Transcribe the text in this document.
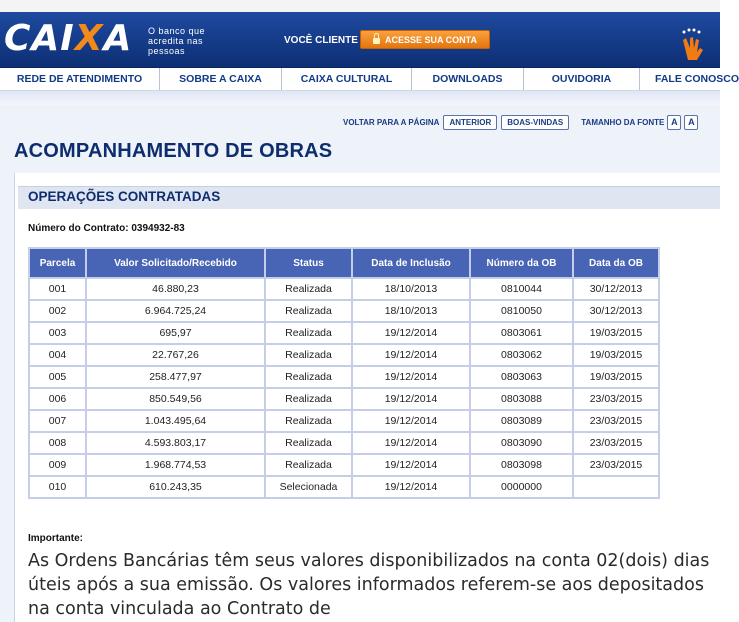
CAIXA O banco que acredita nas pessoas
VOCÊ CLIENTE	ACESSE SUA CONTA
REDE DE ATENDIMENTO	SOBRE A CAIXA	CAIXA CULTURAL	DOWNLOADS	OUVIDORIA	FALE CONOSCO
VOLTAR PARA A PÁGINA	ANTERIOR	BOAS-VINDAS	TAMANHO DA FONTE A	A
ACOMPANHAMENTO DE OBRAS
OPERAÇÕES CONTRATADAS
Número do Contrato: 0394932-83
Parcela	Valor Solicitado/Recebido	Status	Data de Inclusão	Número da OB	Data da OB
001	46.880,23	Realizada	18/10/2013	0810044	30/12/2013
002	6.964.725,24	Realizada	18/10/2013	0810050	30/12/2013
003	695,97	Realizada	19/12/2014	0803061	19/03/2015
004	22.767,26	Realizada	19/12/2014	0803062	19/03/2015
005	258.477,97	Realizada	19/12/2014	0803063	19/03/2015
006	850.549,56	Realizada	19/12/2014	0803088	23/03/2015
007	1.043.495,64	Realizada	19/12/2014	0803089	23/03/2015
008	4.593.803,17	Realizada	19/12/2014	0803090	23/03/2015
009	1.968.774,53	Realizada	19/12/2014	0803098	23/03/2015
010	610.243,35	Selecionada	19/12/2014	0000000	
Importante:
As Ordens Bancárias têm seus valores disponibilizados na conta 02(dois) dias úteis após a sua emissão. Os valores informados referem-se aos depositados na conta vinculada ao Contrato de
